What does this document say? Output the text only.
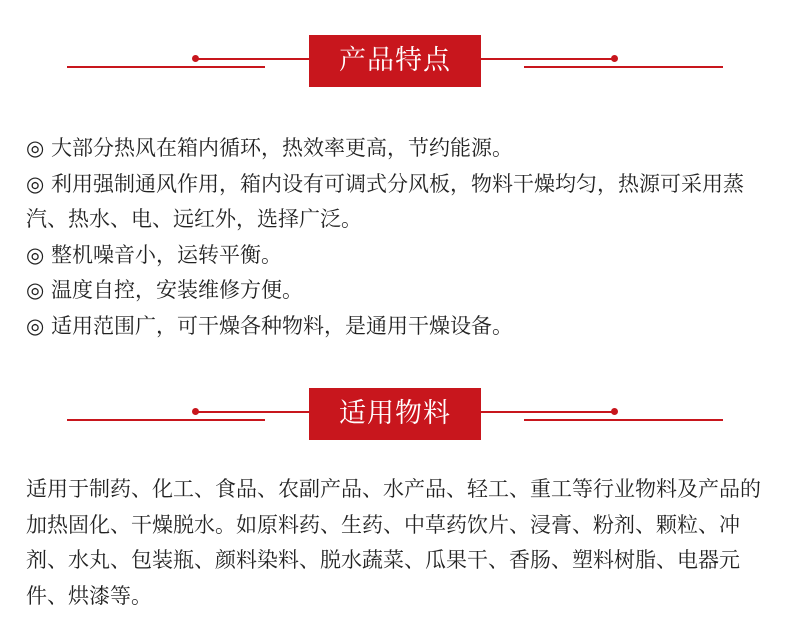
产品特点

◎ 大部分热风在箱内循环，热效率更高，节约能源。

◎ 利用强制通风作用，箱内设有可调式分风板，物料干燥均匀，热源可采用蒸汽、热水、电、远红外，选择广泛。

◎ 整机噪音小，运转平衡。

◎ 温度自控，安装维修方便。

◎ 适用范围广，可干燥各种物料，是通用干燥设备。

适用物料

适用于制药、化工、食品、农副产品、水产品、轻工、重工等行业物料及产品的加热固化、干燥脱水。如原料药、生药、中草药饮片、浸膏、粉剂、颗粒、冲剂、水丸、包装瓶、颜料染料、脱水蔬菜、瓜果干、香肠、塑料树脂、电器元件、烘漆等。
